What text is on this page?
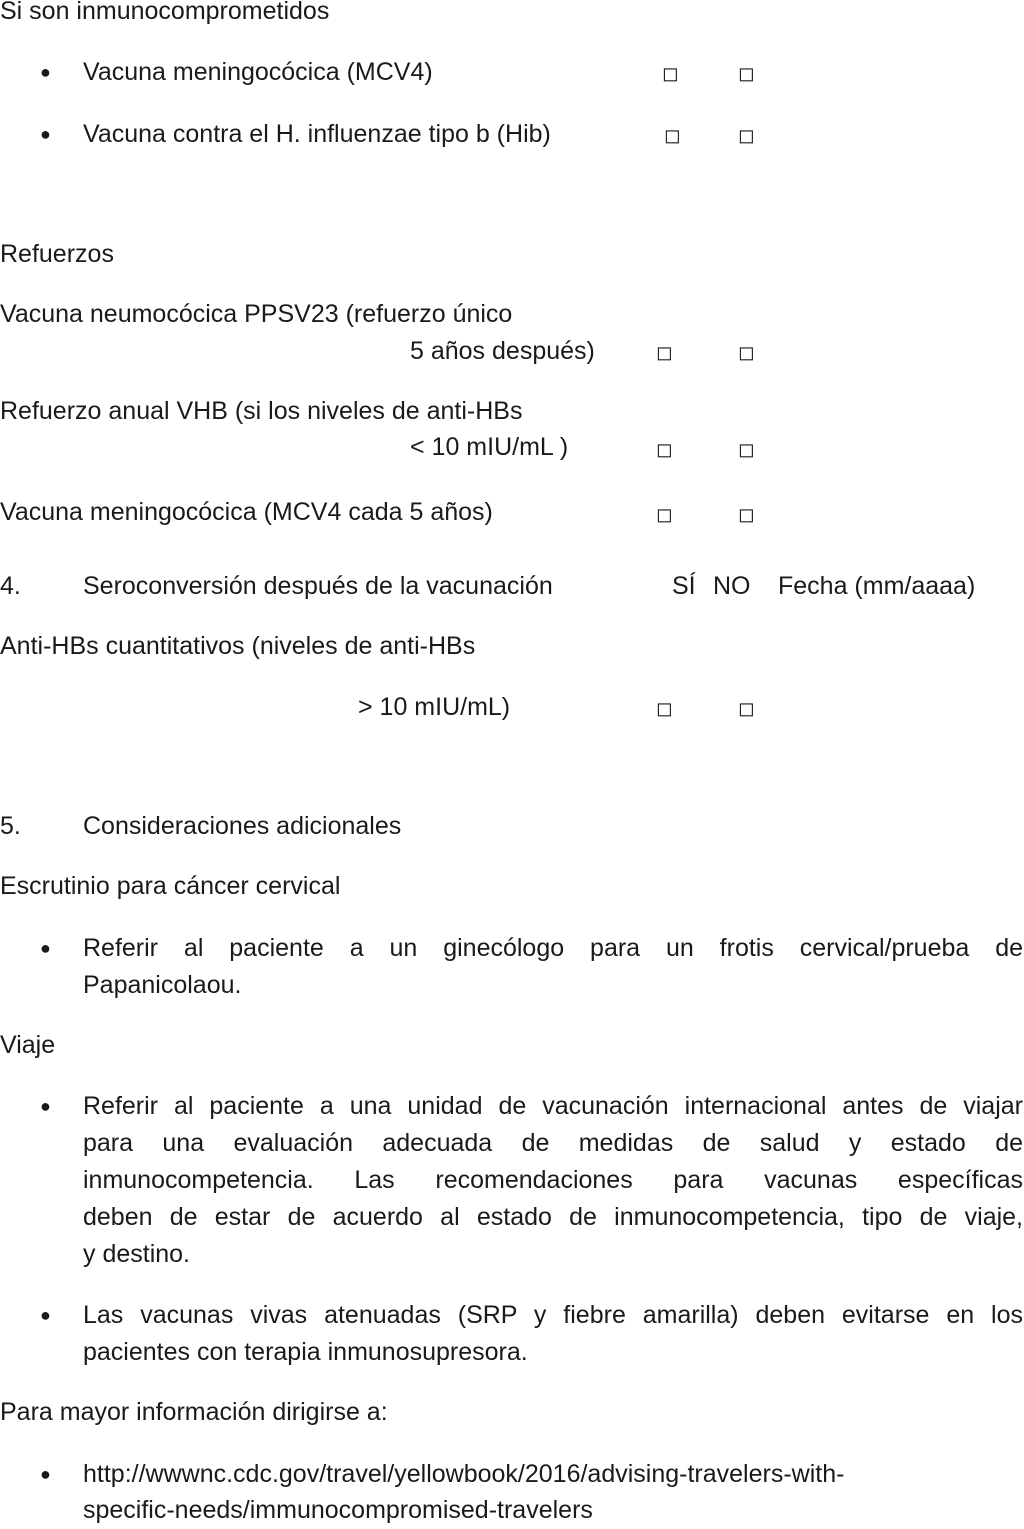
Si son inmunocomprometidos
● Vacuna meningocócica (MCV4)	◻	◻
● Vacuna contra el H. influenzae tipo b (Hib)	◻	◻
Refuerzos
Vacuna neumocócica PPSV23 (refuerzo único
5 años después)	◻	◻
Refuerzo anual VHB (si los niveles de anti-HBs
< 10 mIU/mL )	◻	◻
Vacuna meningocócica (MCV4 cada 5 años)	◻	◻
4. Seroconversión después de la vacunación	SÍ NO Fecha (mm/aaaa)
Anti-HBs cuantitativos (niveles de anti-HBs
> 10 mIU/mL)	◻	◻
5. Consideraciones adicionales
Escrutinio para cáncer cervical
● Referir al paciente a un ginecólogo para un frotis cervical/prueba de
Papanicolaou.
Viaje
● Referir al paciente a una unidad de vacunación internacional antes de viajar
para una evaluación adecuada de medidas de salud y estado de
inmunocompetencia. Las recomendaciones para vacunas específicas
deben de estar de acuerdo al estado de inmunocompetencia, tipo de viaje,
y destino.
● Las vacunas vivas atenuadas (SRP y fiebre amarilla) deben evitarse en los
pacientes con terapia inmunosupresora.
Para mayor información dirigirse a:
● http://wwwnc.cdc.gov/travel/yellowbook/2016/advising-travelers-with-
specific-needs/immunocompromised-travelers
